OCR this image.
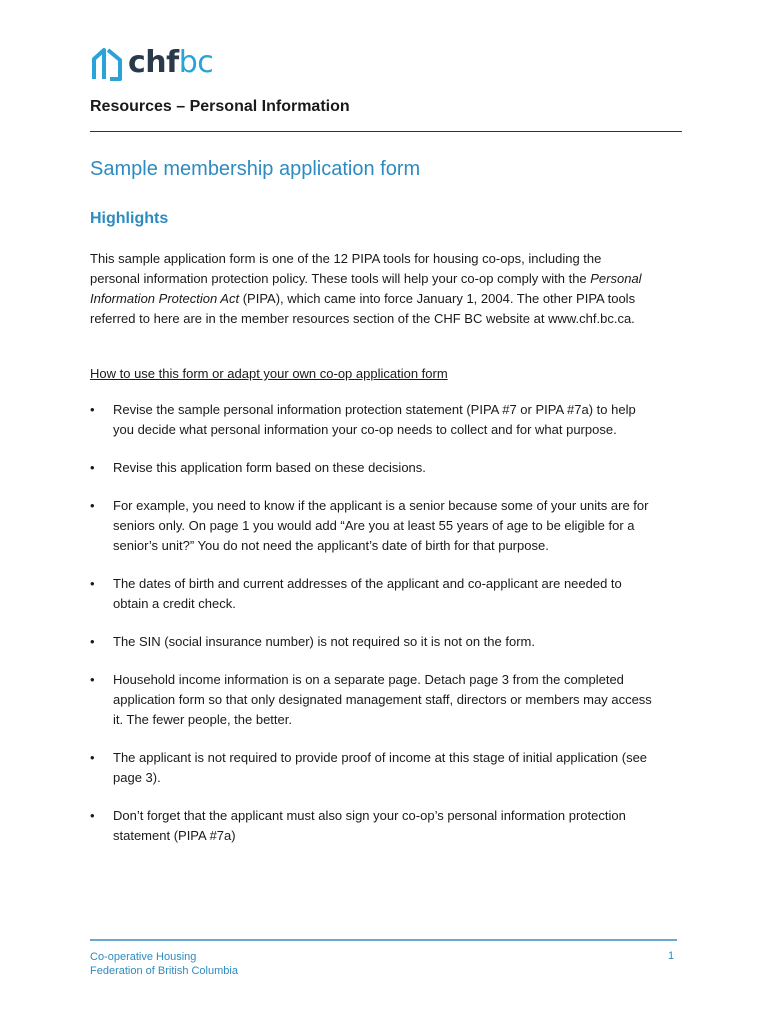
chfbc
Resources – Personal Information
Sample membership application form
Highlights

This sample application form is one of the 12 PIPA tools for housing co-ops, including the personal information protection policy. These tools will help your co-op comply with the Personal Information Protection Act (PIPA), which came into force January 1, 2004. The other PIPA tools referred to here are in the member resources section of the CHF BC website at www.chf.bc.ca.

How to use this form or adapt your own co-op application form

• Revise the sample personal information protection statement (PIPA #7 or PIPA #7a) to help you decide what personal information your co-op needs to collect and for what purpose.
• Revise this application form based on these decisions.
• For example, you need to know if the applicant is a senior because some of your units are for seniors only. On page 1 you would add “Are you at least 55 years of age to be eligible for a senior’s unit?” You do not need the applicant’s date of birth for that purpose.
• The dates of birth and current addresses of the applicant and co-applicant are needed to obtain a credit check.
• The SIN (social insurance number) is not required so it is not on the form.
• Household income information is on a separate page. Detach page 3 from the completed application form so that only designated management staff, directors or members may access it. The fewer people, the better.
• The applicant is not required to provide proof of income at this stage of initial application (see page 3).
• Don’t forget that the applicant must also sign your co-op’s personal information protection statement (PIPA #7a)
Co-operative Housing
Federation of British Columbia
1
